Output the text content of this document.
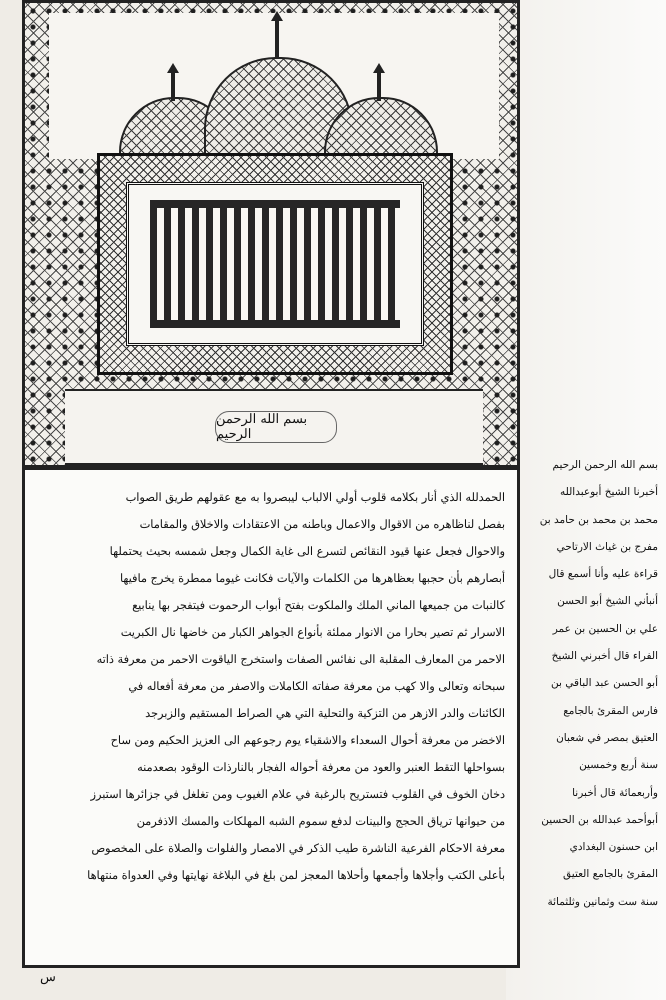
بسم الله الرحمن الرحيم
الحمدلله الذي أنار بكلامه قلوب أولي الالباب ليبصروا به مع عقولهم طريق الصواب
بفصل لناظاهره من الاقوال والاعمال وباطنه من الاعتقادات والاخلاق والمقامات
والاحوال فجعل عنها قيود النقائص لتسرع الى غاية الكمال وجعل شمسه بحيث يحتملها
أبصارهم بأن حجبها بعظاهرها من الكلمات والآيات فكانت غيوما ممطرة يخرج مافيها
كالنبات من جميعها الماني الملك والملكوت بفتح أبواب الرحموت فيتفجر بها ينابيع
الاسرار ثم تصير بحارا من الانوار مملئة بأنواع الجواهر الكبار من خاضها نال الكبريت
الاحمر من المعارف المقلبة الى نفائس الصفات واستخرج الياقوت الاحمر من معرفة ذاته
سبحانه وتعالى والا كهب من معرفة صفاته الكاملات والاصفر من معرفة أفعاله في
الكائنات والدر الازهر من التزكية والتحلية التي هي الصراط المستقيم والزبرجد
الاخضر من معرفة أحوال السعداء والاشقياء يوم رجوعهم الى العزيز الحكيم ومن ساح
بسواحلها التقط العنبر والعود من معرفة أحواله الفجار بالنارذات الوقود بصعدمنه
دخان الخوف في القلوب فتستريح بالرغبة في علام الغيوب ومن تغلغل في جزائرها استبرز
من حيوانها ترياق الحجج والبينات لدفع سموم الشبه المهلكات والمسك الاذفرمن
معرفة الاحكام الفرعية الناشرة طيب الذكر في الامصار والفلوات والصلاة على المخصوص
بأعلى الكتب وأجلاها وأجمعها وأحلاها المعجز لمن بلغ في البلاغة نهايتها وفي العدواة منتهاها
بسم الله الرحمن الرحيم
أخبرنا الشيخ أبوعبدالله
محمد بن محمد بن حامد بن
مفرج بن غياث الارتاحي
قراءة عليه وأنا أسمع قال
أنبأني الشيخ أبو الحسن
علي بن الحسين بن عمر
الفراء قال أخبرني الشيخ
أبو الحسن عبد الباقي بن
فارس المقرئ بالجامع
العتيق بمصر في شعبان
سنة أربع وخمسين
وأربعمائة قال أخبرنا
أبوأحمد عبدالله بن الحسين
ابن حسنون البغدادي
المقرئ بالجامع العتيق
سنة ست وثمانين وثلثمائة
س
